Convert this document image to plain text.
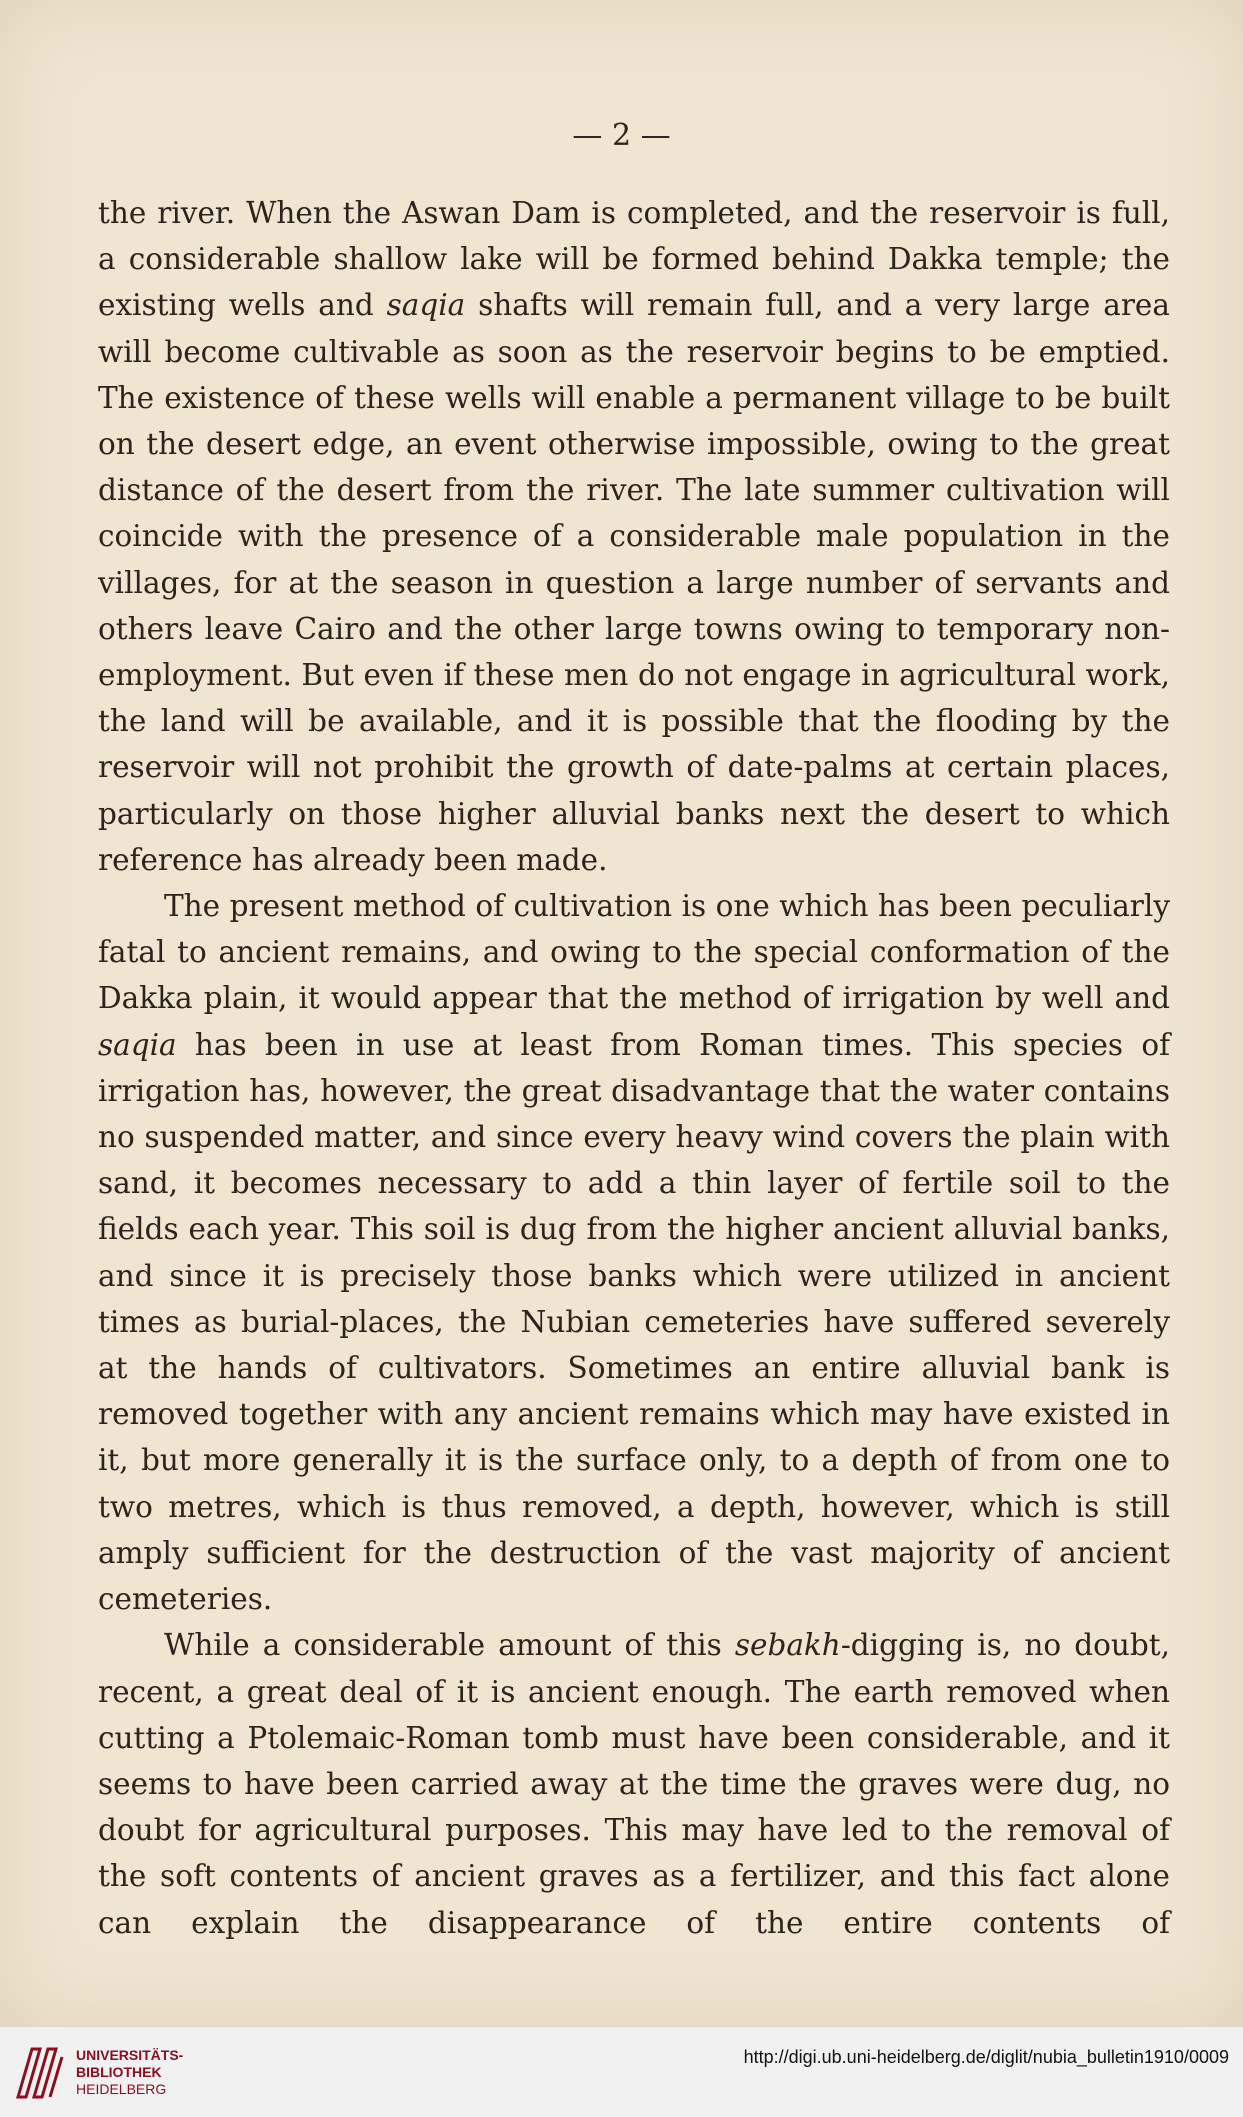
— 2 —

the river. When the Aswan Dam is completed, and the reservoir is full, a considerable shallow lake will be formed behind Dakka temple; the existing wells and saqia shafts will remain full, and a very large area will become cultivable as soon as the reservoir begins to be emptied. The existence of these wells will enable a permanent village to be built on the desert edge, an event otherwise impossible, owing to the great distance of the desert from the river. The late summer cultivation will coincide with the presence of a considerable male population in the villages, for at the season in question a large number of servants and others leave Cairo and the other large towns owing to temporary non-employment. But even if these men do not engage in agricultural work, the land will be available, and it is possible that the flooding by the reservoir will not prohibit the growth of date-palms at certain places, particularly on those higher alluvial banks next the desert to which reference has already been made.

The present method of cultivation is one which has been peculiarly fatal to ancient remains, and owing to the special conformation of the Dakka plain, it would appear that the method of irrigation by well and saqia has been in use at least from Roman times. This species of irrigation has, however, the great disadvantage that the water contains no suspended matter, and since every heavy wind covers the plain with sand, it becomes necessary to add a thin layer of fertile soil to the fields each year. This soil is dug from the higher ancient alluvial banks, and since it is precisely those banks which were utilized in ancient times as burial-places, the Nubian cemeteries have suffered severely at the hands of cultivators. Sometimes an entire alluvial bank is removed together with any ancient remains which may have existed in it, but more generally it is the surface only, to a depth of from one to two metres, which is thus removed, a depth, however, which is still amply sufficient for the destruction of the vast majority of ancient cemeteries.

While a considerable amount of this sebakh-digging is, no doubt, recent, a great deal of it is ancient enough. The earth removed when cutting a Ptolemaic-Roman tomb must have been considerable, and it seems to have been carried away at the time the graves were dug, no doubt for agricultural purposes. This may have led to the removal of the soft contents of ancient graves as a fertilizer, and this fact alone can explain the disappearance of the entire contents of

UNIVERSITÄTS-
BIBLIOTHEK
HEIDELBERG
http://digi.ub.uni-heidelberg.de/diglit/nubia_bulletin1910/0009
